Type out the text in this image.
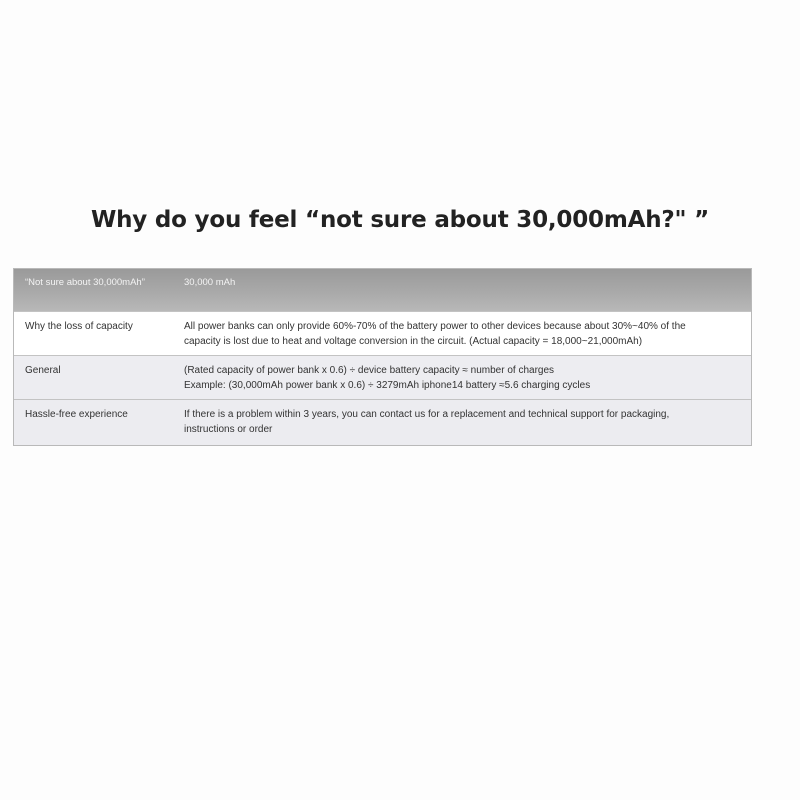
Why do you feel “not sure about 30,000mAh?" ”
“Not sure about 30,000mAh”	30,000 mAh
Why the loss of capacity	All power banks can only provide 60%-70% of the battery power to other devices because about 30%~40% of the
capacity is lost due to heat and voltage conversion in the circuit. (Actual capacity = 18,000~21,000mAh)
General	(Rated capacity of power bank x 0.6) ÷ device battery capacity ≈ number of charges
Example: (30,000mAh power bank x 0.6) ÷ 3279mAh iphone14 battery ≈5.6 charging cycles
Hassle-free experience	If there is a problem within 3 years, you can contact us for a replacement and technical support for packaging,
instructions or order
